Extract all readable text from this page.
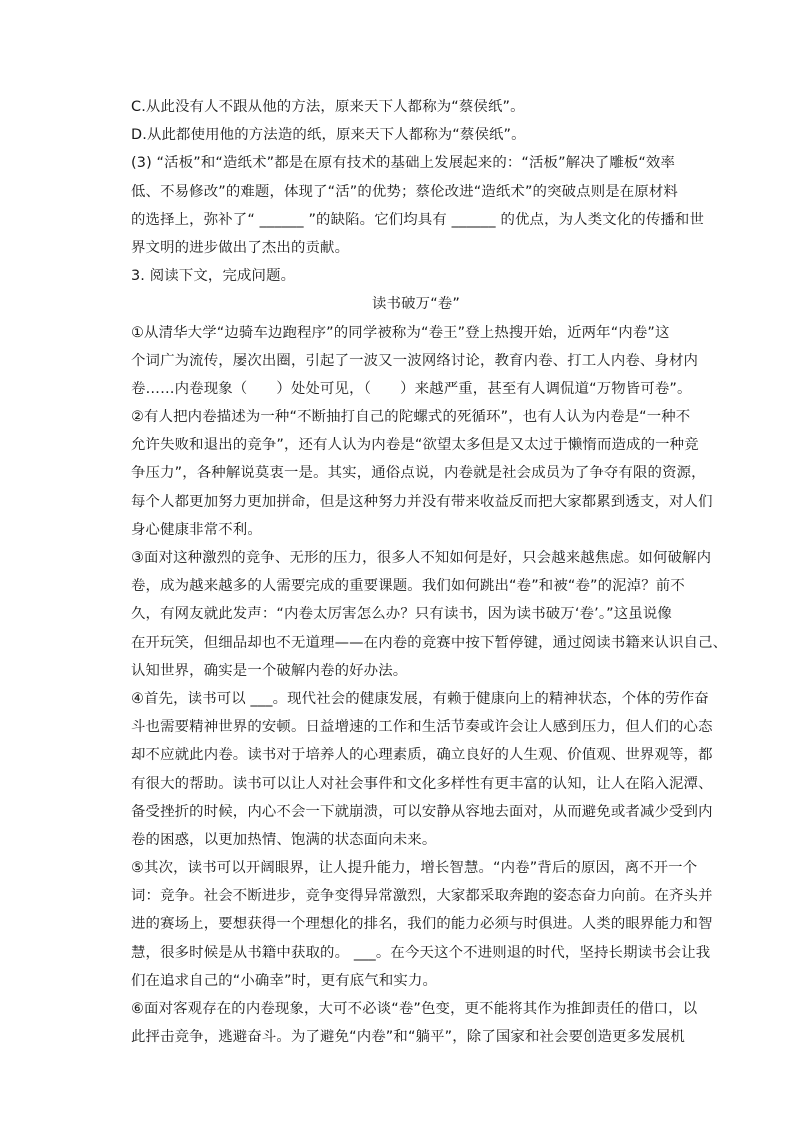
C.从此没有人不跟从他的方法，原来天下人都称为“蔡侯纸”。
D.从此都使用他的方法造的纸，原来天下人都称为“蔡侯纸”。
(3) “活板”和“造纸术”都是在原有技术的基础上发展起来的：“活板”解决了雕板“效率
低、不易修改”的难题，体现了“活”的优势；蔡伦改进“造纸术”的突破点则是在原材料
的选择上，弥补了“ ______ ”的缺陷。它们均具有 ______ 的优点，为人类文化的传播和世
界文明的进步做出了杰出的贡献。
3. 阅读下文，完成问题。
读书破万“卷”
①从清华大学“边骑车边跑程序”的同学被称为“卷王”登上热搜开始，近两年“内卷”这
个词广为流传，屡次出圈，引起了一波又一波网络讨论，教育内卷、打工人内卷、身材内
卷……内卷现象（　　）处处可见，（　　）来越严重，甚至有人调侃道“万物皆可卷”。
②有人把内卷描述为一种“不断抽打自己的陀螺式的死循环”，也有人认为内卷是“一种不
允许失败和退出的竞争”，还有人认为内卷是“欲望太多但是又太过于懒惰而造成的一种竞
争压力”，各种解说莫衷一是。其实，通俗点说，内卷就是社会成员为了争夺有限的资源，
每个人都更加努力更加拼命，但是这种努力并没有带来收益反而把大家都累到透支，对人们
身心健康非常不利。
③面对这种激烈的竞争、无形的压力，很多人不知如何是好，只会越来越焦虑。如何破解内
卷，成为越来越多的人需要完成的重要课题。我们如何跳出“卷”和被“卷”的泥淖？前不
久，有网友就此发声：“内卷太厉害怎么办？只有读书，因为读书破万‘卷’。”这虽说像
在开玩笑，但细品却也不无道理——在内卷的竞赛中按下暂停键，通过阅读书籍来认识自己、
认知世界，确实是一个破解内卷的好办法。
④首先，读书可以 ___。现代社会的健康发展，有赖于健康向上的精神状态，个体的劳作奋
斗也需要精神世界的安顿。日益增速的工作和生活节奏或许会让人感到压力，但人们的心态
却不应就此内卷。读书对于培养人的心理素质，确立良好的人生观、价值观、世界观等，都
有很大的帮助。读书可以让人对社会事件和文化多样性有更丰富的认知，让人在陷入泥潭、
备受挫折的时候，内心不会一下就崩溃，可以安静从容地去面对，从而避免或者减少受到内
卷的困惑，以更加热情、饱满的状态面向未来。
⑤其次，读书可以开阔眼界，让人提升能力，增长智慧。“内卷”背后的原因，离不开一个
词：竞争。社会不断进步，竞争变得异常激烈，大家都采取奔跑的姿态奋力向前。在齐头并
进的赛场上，要想获得一个理想化的排名，我们的能力必须与时俱进。人类的眼界能力和智
慧，很多时候是从书籍中获取的。 ___。在今天这个不进则退的时代，坚持长期读书会让我
们在追求自己的“小确幸”时，更有底气和实力。
⑥面对客观存在的内卷现象，大可不必谈“卷”色变，更不能将其作为推卸责任的借口，以
此抨击竞争，逃避奋斗。为了避免“内卷”和“躺平”，除了国家和社会要创造更多发展机
